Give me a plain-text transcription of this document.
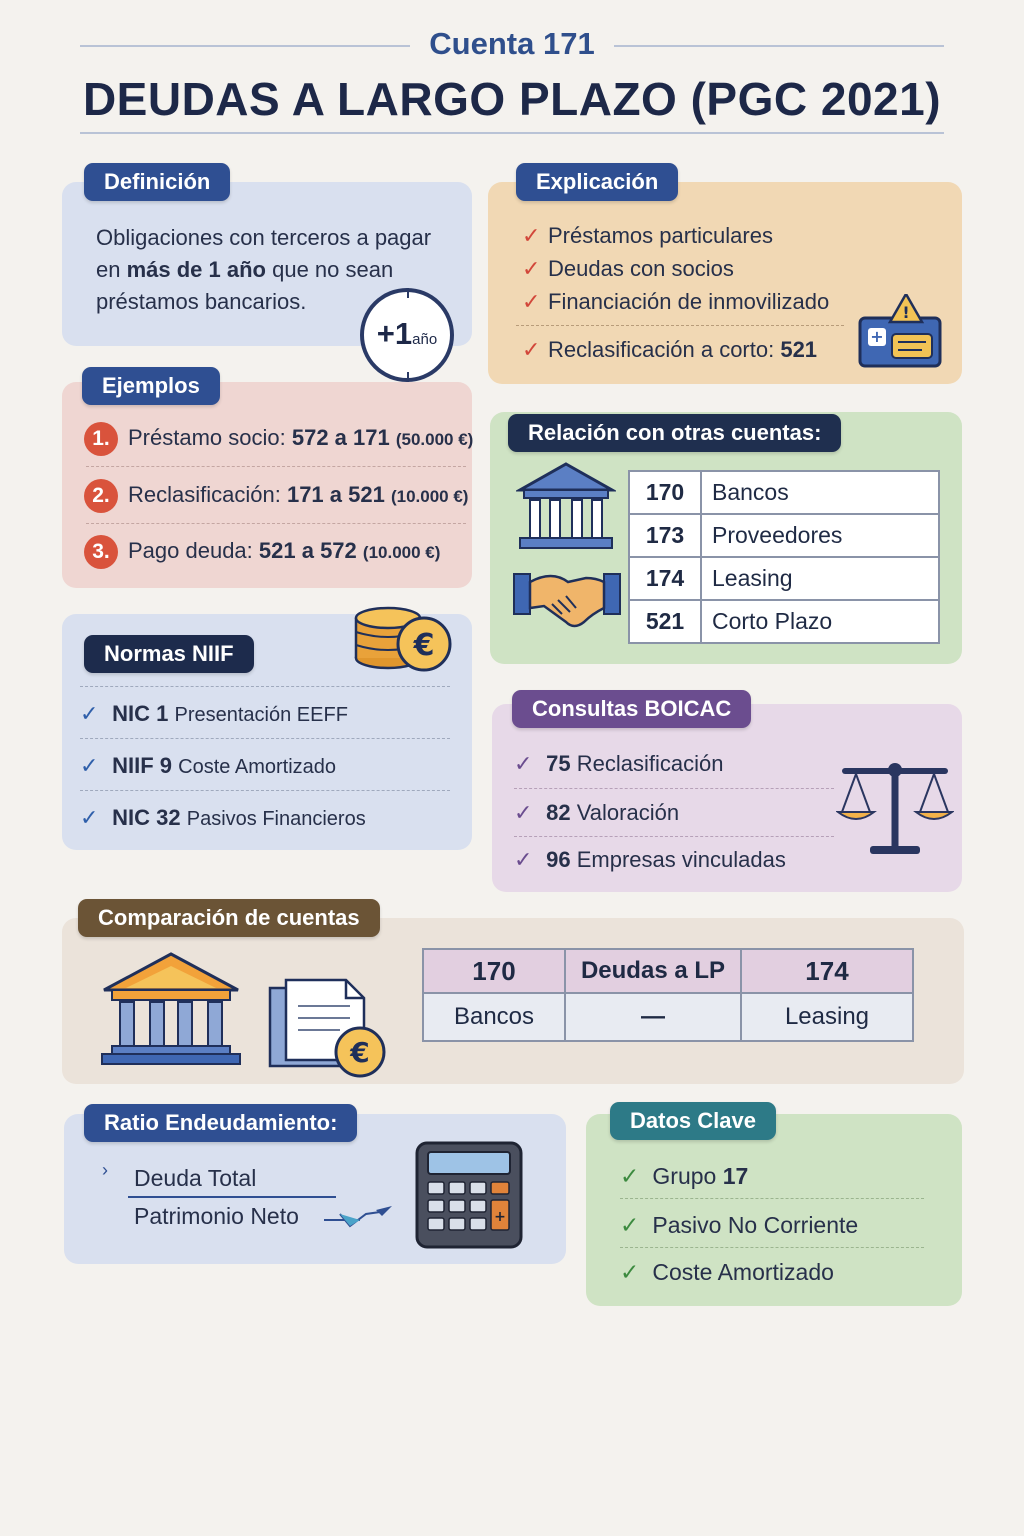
Cuenta 171
DEUDAS A LARGO PLAZO (PGC 2021)
Obligaciones con terceros a pagar
en más de 1 año que no sean
préstamos bancarios.
+1año
Definición
✓ Préstamos particulares
✓ Deudas con socios
✓ Financiación de inmovilizado
✓ Reclasificación a corto: 521
+
!
Explicación
1. Préstamo socio: 572 a 171 (50.000 €)
2. Reclasificación: 171 a 521 (10.000 €)
3. Pago deuda: 521 a 572 (10.000 €)
Ejemplos
170	Bancos
173	Proveedores
174	Leasing
521	Corto Plazo
Relación con otras cuentas:
✓ NIC 1 Presentación EEFF
✓ NIIF 9 Coste Amortizado
✓ NIC 32 Pasivos Financieros
Normas NIIF	€
✓ 75 Reclasificación
✓ 82 Valoración
✓ 96 Empresas vinculadas
Consultas BOICAC
€
170	Deudas a LP	174
Bancos	—	Leasing
Comparación de cuentas
› Deuda Total
Patrimonio Neto	+
Ratio Endeudamiento:
✓ Grupo 17
✓ Pasivo No Corriente
✓ Coste Amortizado
Datos Clave
